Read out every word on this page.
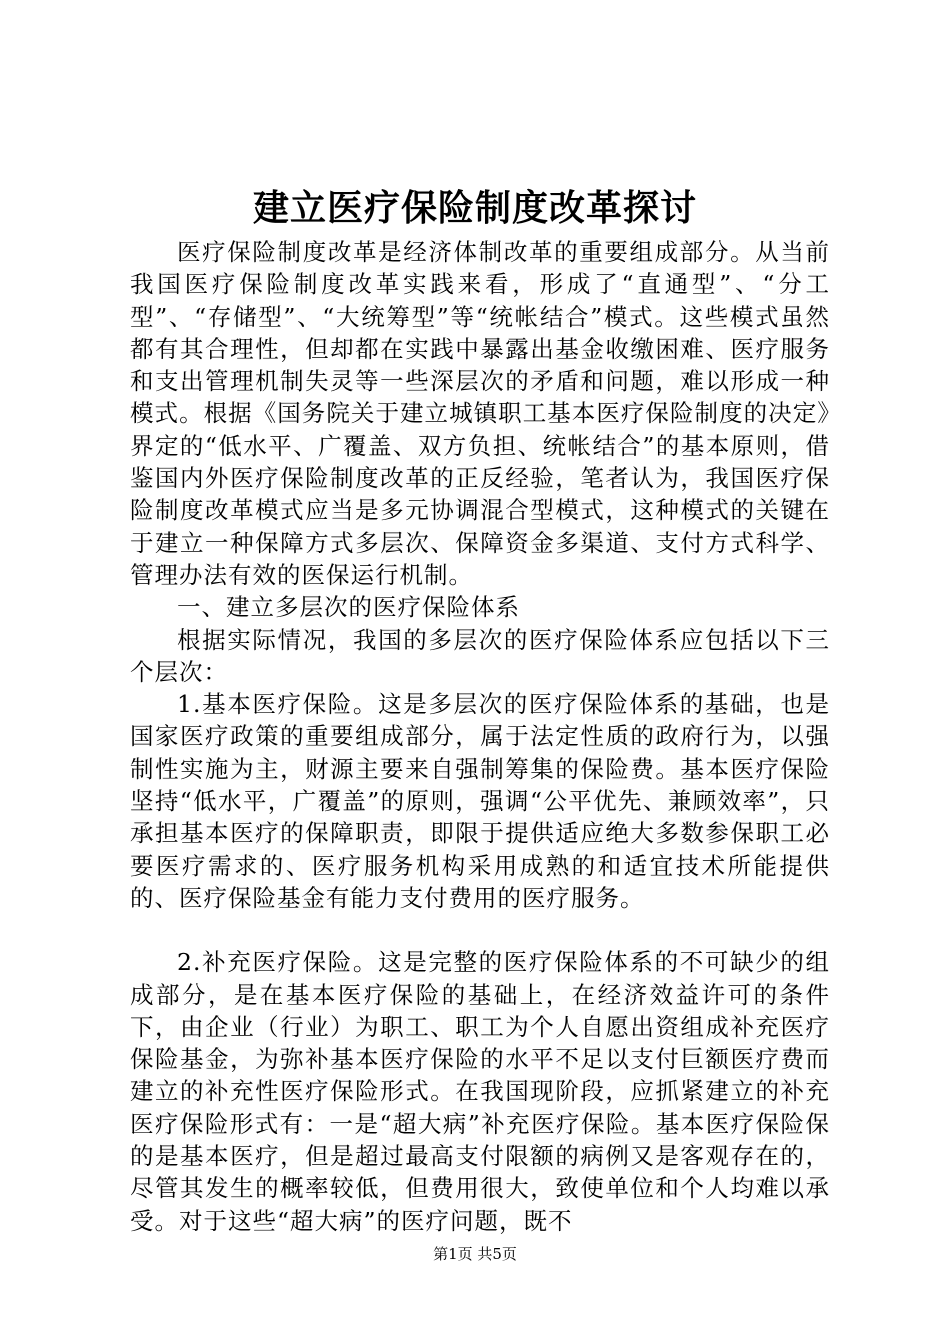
建立医疗保险制度改革探讨

医疗保险制度改革是经济体制改革的重要组成部分。从当前我国医疗保险制度改革实践来看，形成了“直通型”、“分工型”、“存储型”、“大统筹型”等“统帐结合”模式。这些模式虽然都有其合理性，但却都在实践中暴露出基金收缴困难、医疗服务和支出管理机制失灵等一些深层次的矛盾和问题，难以形成一种模式。根据《国务院关于建立城镇职工基本医疗保险制度的决定》界定的“低水平、广覆盖、双方负担、统帐结合”的基本原则，借鉴国内外医疗保险制度改革的正反经验，笔者认为，我国医疗保险制度改革模式应当是多元协调混合型模式，这种模式的关键在于建立一种保障方式多层次、保障资金多渠道、支付方式科学、管理办法有效的医保运行机制。

一、建立多层次的医疗保险体系

根据实际情况，我国的多层次的医疗保险体系应包括以下三个层次：

1.基本医疗保险。这是多层次的医疗保险体系的基础，也是国家医疗政策的重要组成部分，属于法定性质的政府行为，以强制性实施为主，财源主要来自强制筹集的保险费。基本医疗保险坚持“低水平，广覆盖”的原则，强调“公平优先、兼顾效率”，只承担基本医疗的保障职责，即限于提供适应绝大多数参保职工必要医疗需求的、医疗服务机构采用成熟的和适宜技术所能提供的、医疗保险基金有能力支付费用的医疗服务。

2.补充医疗保险。这是完整的医疗保险体系的不可缺少的组成部分，是在基本医疗保险的基础上，在经济效益许可的条件下，由企业（行业）为职工、职工为个人自愿出资组成补充医疗保险基金，为弥补基本医疗保险的水平不足以支付巨额医疗费而建立的补充性医疗保险形式。在我国现阶段，应抓紧建立的补充医疗保险形式有：一是“超大病”补充医疗保险。基本医疗保险保的是基本医疗，但是超过最高支付限额的病例又是客观存在的，尽管其发生的概率较低，但费用很大，致使单位和个人均难以承受。对于这些“超大病”的医疗问题，既不

第1页 共5页
